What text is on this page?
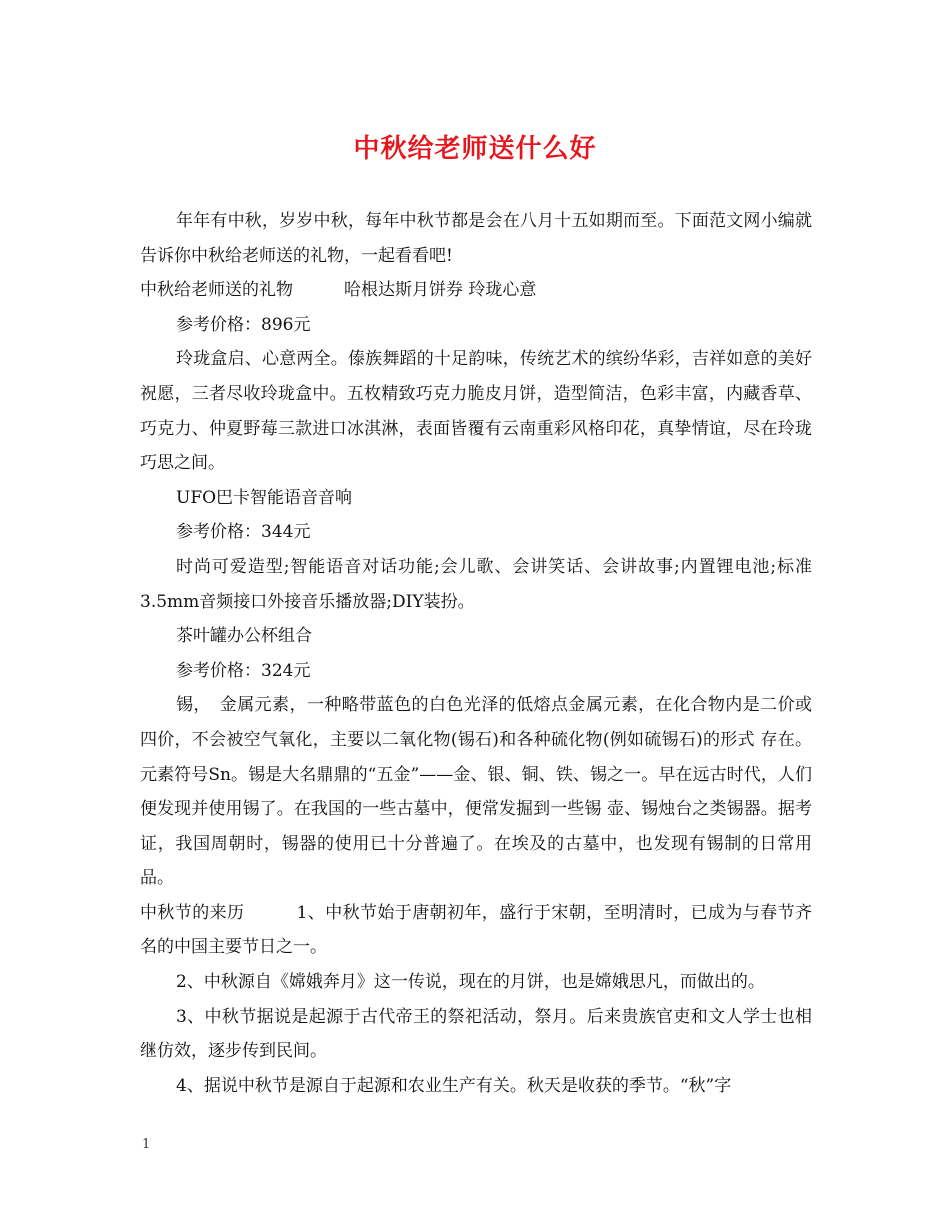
中秋给老师送什么好

年年有中秋，岁岁中秋，每年中秋节都是会在八月十五如期而至。下面范文网小编就告诉你中秋给老师送的礼物，一起看看吧!

中秋给老师送的礼物　　　哈根达斯月饼券 玲珑心意

参考价格：896元

玲珑盒启、心意两全。傣族舞蹈的十足韵味，传统艺术的缤纷华彩，吉祥如意的美好祝愿，三者尽收玲珑盒中。五枚精致巧克力脆皮月饼，造型简洁，色彩丰富，内藏香草、巧克力、仲夏野莓三款进口冰淇淋，表面皆覆有云南重彩风格印花，真挚情谊，尽在玲珑巧思之间。

UFO巴卡智能语音音响

参考价格：344元

时尚可爱造型;智能语音对话功能;会儿歌、会讲笑话、会讲故事;内置锂电池;标准3.5mm音频接口外接音乐播放器;DIY装扮。

茶叶罐办公杯组合

参考价格：324元

锡，　金属元素，一种略带蓝色的白色光泽的低熔点金属元素，在化合物内是二价或四价，不会被空气氧化，主要以二氧化物(锡石)和各种硫化物(例如硫锡石)的形式 存在。元素符号Sn。锡是大名鼎鼎的“五金”——金、银、铜、铁、锡之一。早在远古时代，人们便发现并使用锡了。在我国的一些古墓中，便常发掘到一些锡 壶、锡烛台之类锡器。据考证，我国周朝时，锡器的使用已十分普遍了。在埃及的古墓中，也发现有锡制的日常用品。

中秋节的来历　　　1、中秋节始于唐朝初年，盛行于宋朝，至明清时，已成为与春节齐名的中国主要节日之一。

2、中秋源自《嫦娥奔月》这一传说，现在的月饼，也是嫦娥思凡，而做出的。

3、中秋节据说是起源于古代帝王的祭祀活动，祭月。后来贵族官吏和文人学士也相继仿效，逐步传到民间。

4、据说中秋节是源自于起源和农业生产有关。秋天是收获的季节。“秋”字

1
